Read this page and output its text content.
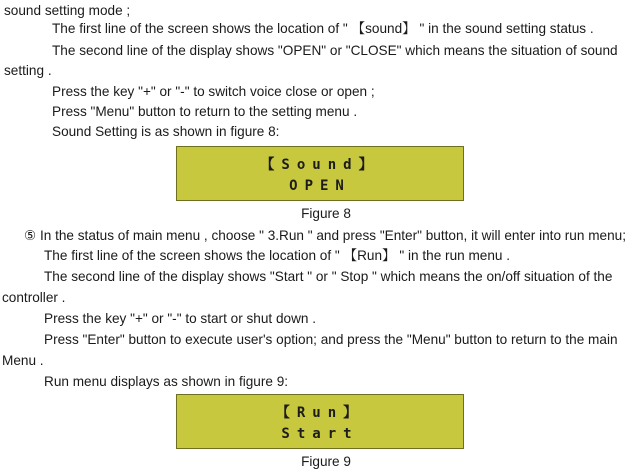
sound setting mode ;
The first line of the screen shows the location of " 【sound】 " in the sound setting status .
The second line of the display shows "OPEN" or "CLOSE" which means the situation of sound
setting .
Press the key "+" or "-" to switch voice close or open ;
Press "Menu" button to return to the setting menu .
Sound Setting is as shown in figure 8:
【Sound】
OPEN
Figure 8
⑤ In the status of main menu , choose " 3.Run " and press "Enter" button, it will enter into run menu;
The first line of the screen shows the location of " 【Run】 " in the run menu .
The second line of the display shows "Start " or " Stop " which means the on/off situation of the
controller .
Press the key "+" or "-" to start or shut down .
Press "Enter" button to execute user's option; and press the "Menu" button to return to the main
Menu .
Run menu displays as shown in figure 9:
【Run】
Start
Figure 9
